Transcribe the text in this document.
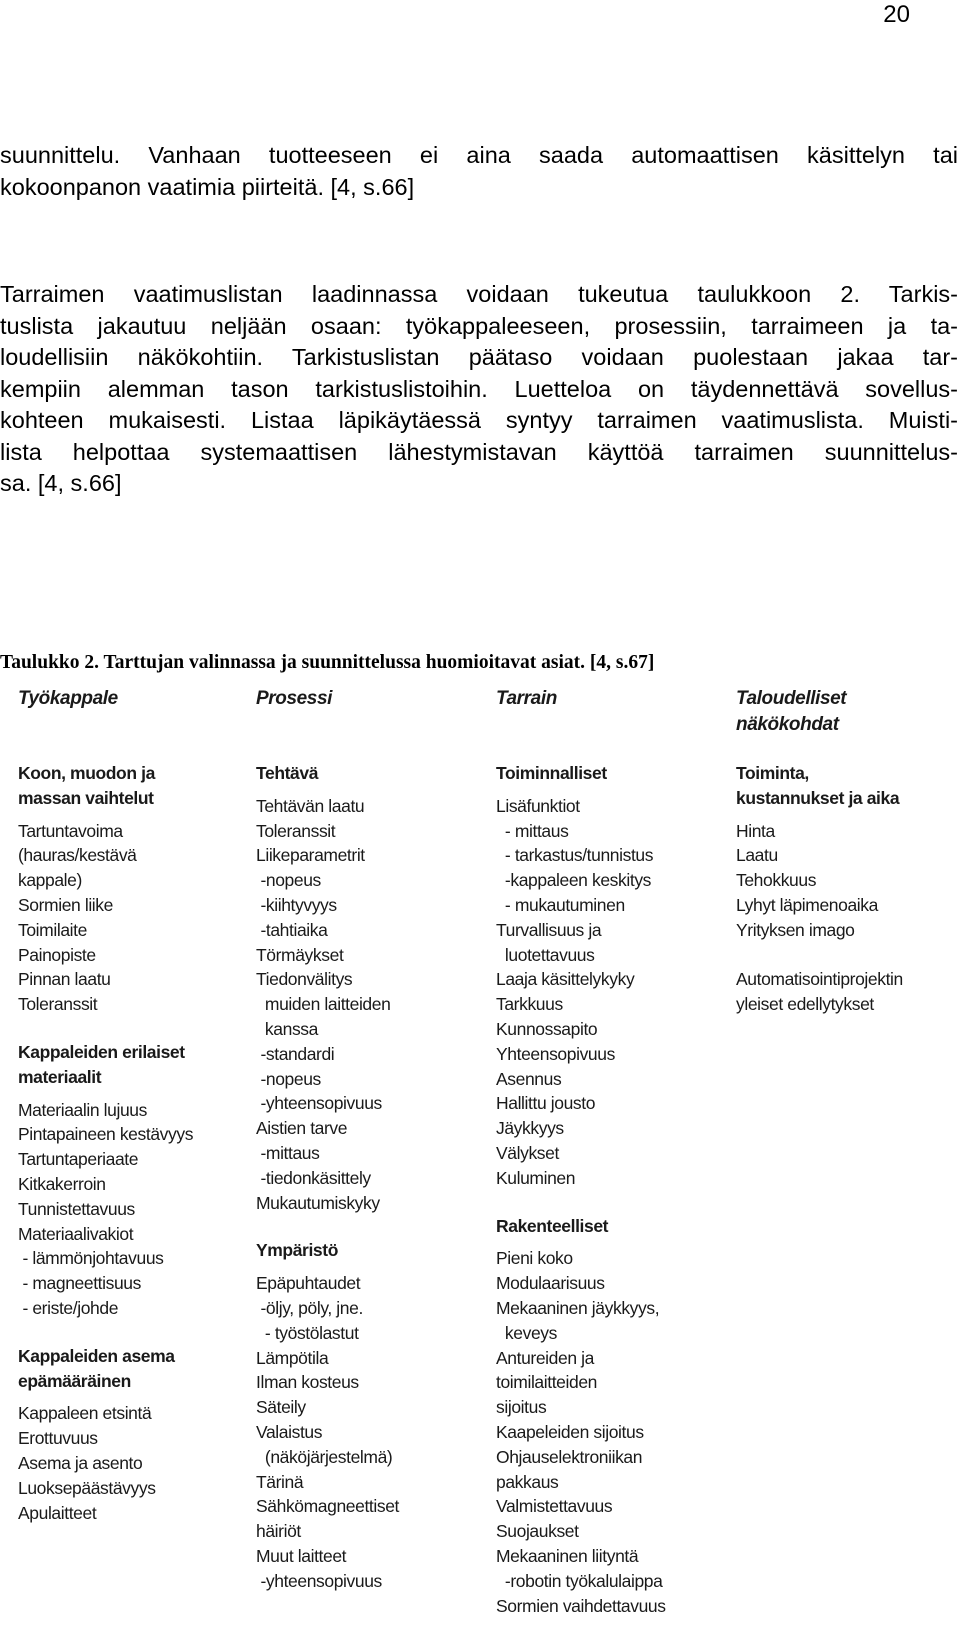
20

suunnittelu. Vanhaan tuotteeseen ei aina saada automaattisen käsittelyn tai

kokoonpanon vaatimia piirteitä. [4, s.66]

Tarraimen vaatimuslistan laadinnassa voidaan tukeutua taulukkoon 2. Tarkis-

tuslista jakautuu neljään osaan: työkappaleeseen, prosessiin, tarraimeen ja ta-

loudellisiin näkökohtiin. Tarkistuslistan päätaso voidaan puolestaan jakaa tar-

kempiin alemman tason tarkistuslistoihin. Luetteloa on täydennettävä sovellus-

kohteen mukaisesti. Listaa läpikäytäessä syntyy tarraimen vaatimuslista. Muisti-

lista helpottaa systemaattisen lähestymistavan käyttöä tarraimen suunnittelus-

sa. [4, s.66]

Taulukko 2. Tarttujan valinnassa ja suunnittelussa huomioitavat asiat. [4, s.67]
Työkappale
Koon, muodon ja
massan vaihtelut
Tartuntavoima
(hauras/kestävä
kappale)
Sormien liike
Toimilaite
Painopiste
Pinnan laatu
Toleranssit
Kappaleiden erilaiset
materiaalit
Materiaalin lujuus
Pintapaineen kestävyys
Tartuntaperiaate
Kitkakerroin
Tunnistettavuus
Materiaalivakiot
- lämmönjohtavuus
- magneettisuus
- eriste/johde
Kappaleiden asema
epämääräinen
Kappaleen etsintä
Erottuvuus
Asema ja asento
Luoksepäästävyys
Apulaitteet
Prosessi
Tehtävä
Tehtävän laatu
Toleranssit
Liikeparametrit
-nopeus
-kiihtyvyys
-tahtiaika
Törmäykset
Tiedonvälitys
muiden laitteiden
kanssa
-standardi
-nopeus
-yhteensopivuus
Aistien tarve
-mittaus
-tiedonkäsittely
Mukautumiskyky
Ympäristö
Epäpuhtaudet
-öljy, pöly, jne.
- työstölastut
Lämpötila
Ilman kosteus
Säteily
Valaistus
(näköjärjestelmä)
Tärinä
Sähkömagneettiset
häiriöt
Muut laitteet
-yhteensopivuus
Tarrain
Toiminnalliset
Lisäfunktiot
- mittaus
- tarkastus/tunnistus
-kappaleen keskitys
- mukautuminen
Turvallisuus ja
luotettavuus
Laaja käsittelykyky
Tarkkuus
Kunnossapito
Yhteensopivuus
Asennus
Hallittu jousto
Jäykkyys
Välykset
Kuluminen
Rakenteelliset
Pieni koko
Modulaarisuus
Mekaaninen jäykkyys,
keveys
Antureiden ja
toimilaitteiden
sijoitus
Kaapeleiden sijoitus
Ohjauselektroniikan
pakkaus
Valmistettavuus
Suojaukset
Mekaaninen liityntä
-robotin työkalulaippa
Sormien vaihdettavuus
Taloudelliset
näkökohdat
Toiminta,
kustannukset ja aika
Hinta
Laatu
Tehokkuus
Lyhyt läpimenoaika
Yrityksen imago
Automatisointiprojektin
yleiset edellytykset
